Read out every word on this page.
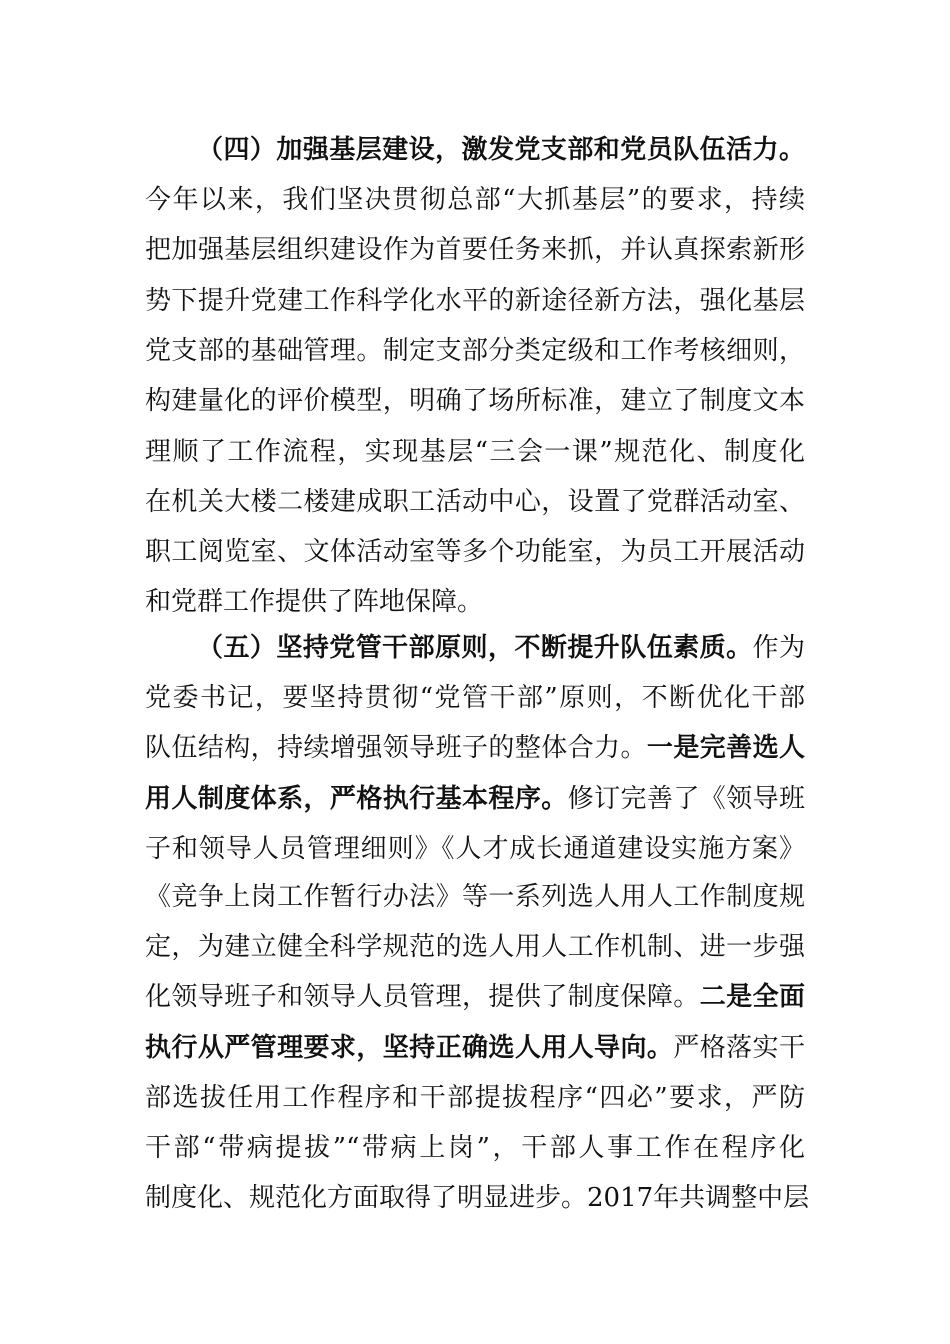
（四）加强基层建设，激发党支部和党员队伍活力。
今年以来，我们坚决贯彻总部“大抓基层”的要求，持续
把加强基层组织建设作为首要任务来抓，并认真探索新形
势下提升党建工作科学化水平的新途径新方法，强化基层
党支部的基础管理。制定支部分类定级和工作考核细则，
构建量化的评价模型，明确了场所标准，建立了制度文本
理顺了工作流程，实现基层“三会一课”规范化、制度化
在机关大楼二楼建成职工活动中心，设置了党群活动室、
职工阅览室、文体活动室等多个功能室，为员工开展活动
和党群工作提供了阵地保障。
（五）坚持党管干部原则，不断提升队伍素质。作为
党委书记，要坚持贯彻“党管干部”原则，不断优化干部
队伍结构，持续增强领导班子的整体合力。一是完善选人
用人制度体系，严格执行基本程序。修订完善了《领导班
子和领导人员管理细则》《人才成长通道建设实施方案》
《竞争上岗工作暂行办法》等一系列选人用人工作制度规
定，为建立健全科学规范的选人用人工作机制、进一步强
化领导班子和领导人员管理，提供了制度保障。二是全面
执行从严管理要求，坚持正确选人用人导向。严格落实干
部选拔任用工作程序和干部提拔程序“四必”要求，严防
干部“带病提拔”“带病上岗”，干部人事工作在程序化
制度化、规范化方面取得了明显进步。2017年共调整中层
